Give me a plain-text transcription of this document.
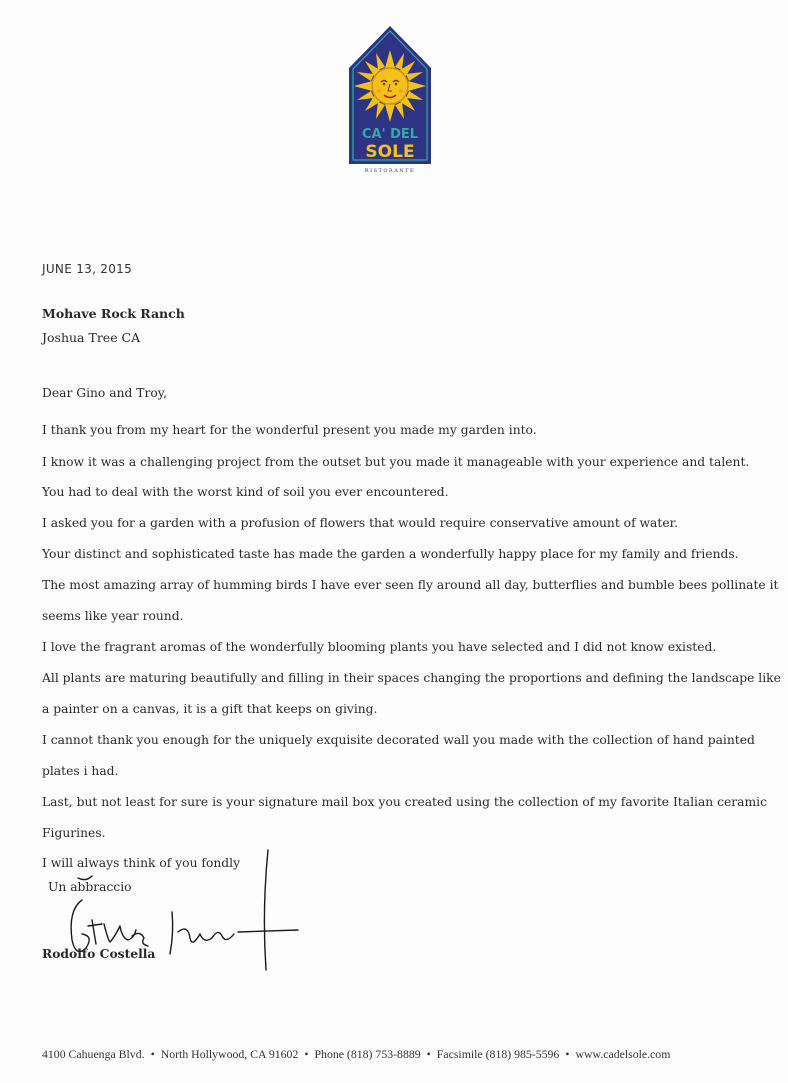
CA' DEL
SOLE
RISTORANTE
JUNE 13, 2015
Mohave Rock Ranch
Joshua Tree CA
Dear Gino and Troy,
I thank you from my heart for the wonderful present you made my garden into.
I know it was a challenging project from the outset but you made it manageable with your experience and talent.
You had to deal with the worst kind of soil you ever encountered.
I asked you for a garden with a profusion of flowers that would require conservative amount of water.
Your distinct and sophisticated taste has made the garden a wonderfully happy place for my family and friends.
The most amazing array of humming birds I have ever seen fly around all day, butterflies and bumble bees pollinate it
seems like year round.
I love the fragrant aromas of the wonderfully blooming plants you have selected and I did not know existed.
All plants are maturing beautifully and filling in their spaces changing the proportions and defining the landscape like
a painter on a canvas, it is a gift that keeps on giving.
I cannot thank you enough for the uniquely exquisite decorated wall you made with the collection of hand painted
plates i had.
Last, but not least for sure is your signature mail box you created using the collection of my favorite Italian ceramic
Figurines.
I will always think of you fondly
Un abbraccio
Rodolfo Costella
4100 Cahuenga Blvd. • North Hollywood, CA 91602 • Phone (818) 753-8889 • Facsimile (818) 985-5596 • www.cadelsole.com
